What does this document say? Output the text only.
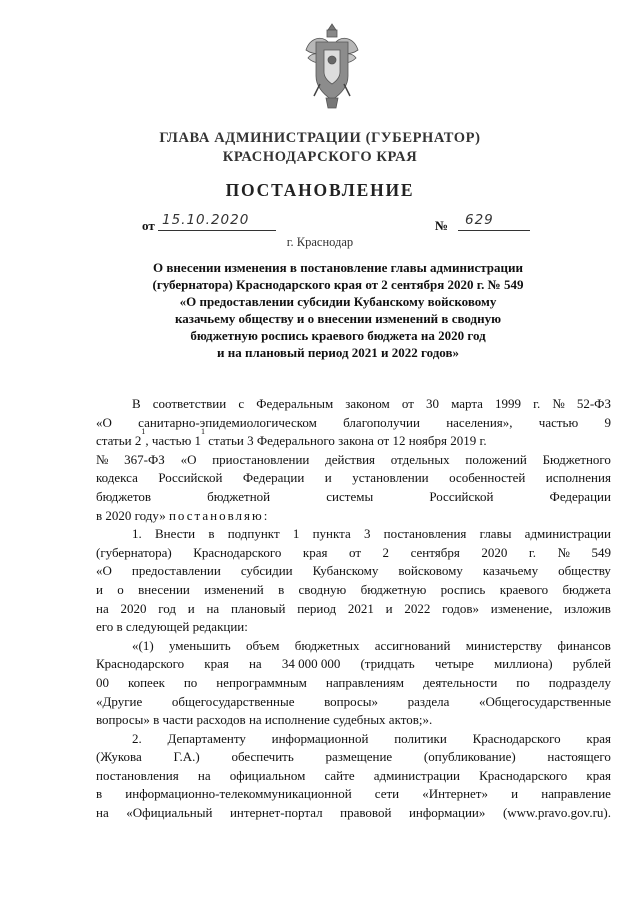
ГЛАВА АДМИНИСТРАЦИИ (ГУБЕРНАТОР)
КРАСНОДАРСКОГО КРАЯ
ПОСТАНОВЛЕНИЕ
от 15.10.2020	№ 629
г. Краснодар
О внесении изменения в постановление главы администрации
(губернатора) Краснодарского края от 2 сентября 2020 г. № 549
«О предоставлении субсидии Кубанскому войсковому
казачьему обществу и о внесении изменений в сводную
бюджетную роспись краевого бюджета на 2020 год
и на плановый период 2021 и 2022 годов»
В соответствии с Федеральным законом от 30 марта 1999 г. № 52-ФЗ
«О санитарно-эпидемиологическом благополучии населения», частью 9
статьи 2
1
, частью 1
1
статьи 3 Федерального закона от 12 ноября 2019 г.
№ 367-ФЗ «О приостановлении действия отдельных положений Бюджетного
кодекса Российской Федерации и установлении особенностей исполнения
бюджетов	бюджетной	системы	Российской	Федерации
в 2020 году»
постановляю:
1. Внести в подпункт 1 пункта 3 постановления главы администрации
(губернатора) Краснодарского края от 2 сентября 2020 г. № 549
«О предоставлении субсидии Кубанскому войсковому казачьему обществу
и о внесении изменений в сводную бюджетную роспись краевого бюджета
на 2020 год и на плановый период 2021 и 2022 годов» изменение, изложив
его в следующей редакции:
«(1) уменьшить объем бюджетных ассигнований министерству финансов
Краснодарского края на 34 000 000 (тридцать четыре миллиона) рублей
00 копеек по непрограммным направлениям деятельности по подразделу
«Другие общегосударственные вопросы» раздела «Общегосударственные
вопросы» в части расходов на исполнение судебных актов;».
2. Департаменту информационной политики Краснодарского края
(Жукова Г.А.) обеспечить размещение (опубликование) настоящего
постановления на официальном сайте администрации Краснодарского края
в информационно-телекоммуникационной сети «Интернет» и направление
на «Официальный интернет-портал правовой информации» (www.pravo.gov.ru).
